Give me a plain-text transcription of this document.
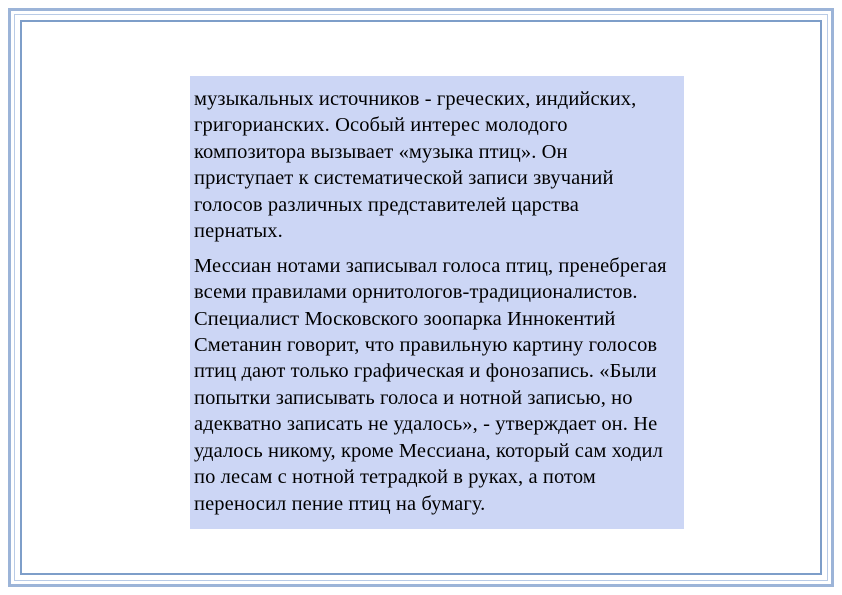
музыкальных источников - греческих, индийских, григорианских. Особый интерес молодого композитора вызывает «музыка птиц». Он приступает к систематической записи звучаний голосов различных представителей царства пернатых.

Мессиан нотами записывал голоса птиц, пренебрегая всеми правилами орнитологов-традиционалистов. Специалист Московского зоопарка Иннокентий Сметанин говорит, что правильную картину голосов птиц дают только графическая и фонозапись. «Были попытки записывать голоса и нотной записью, но адекватно записать не удалось», - утверждает он. Не удалось никому, кроме Мессиана, который сам ходил по лесам с нотной тетрадкой в руках, а потом переносил пение птиц на бумагу.
